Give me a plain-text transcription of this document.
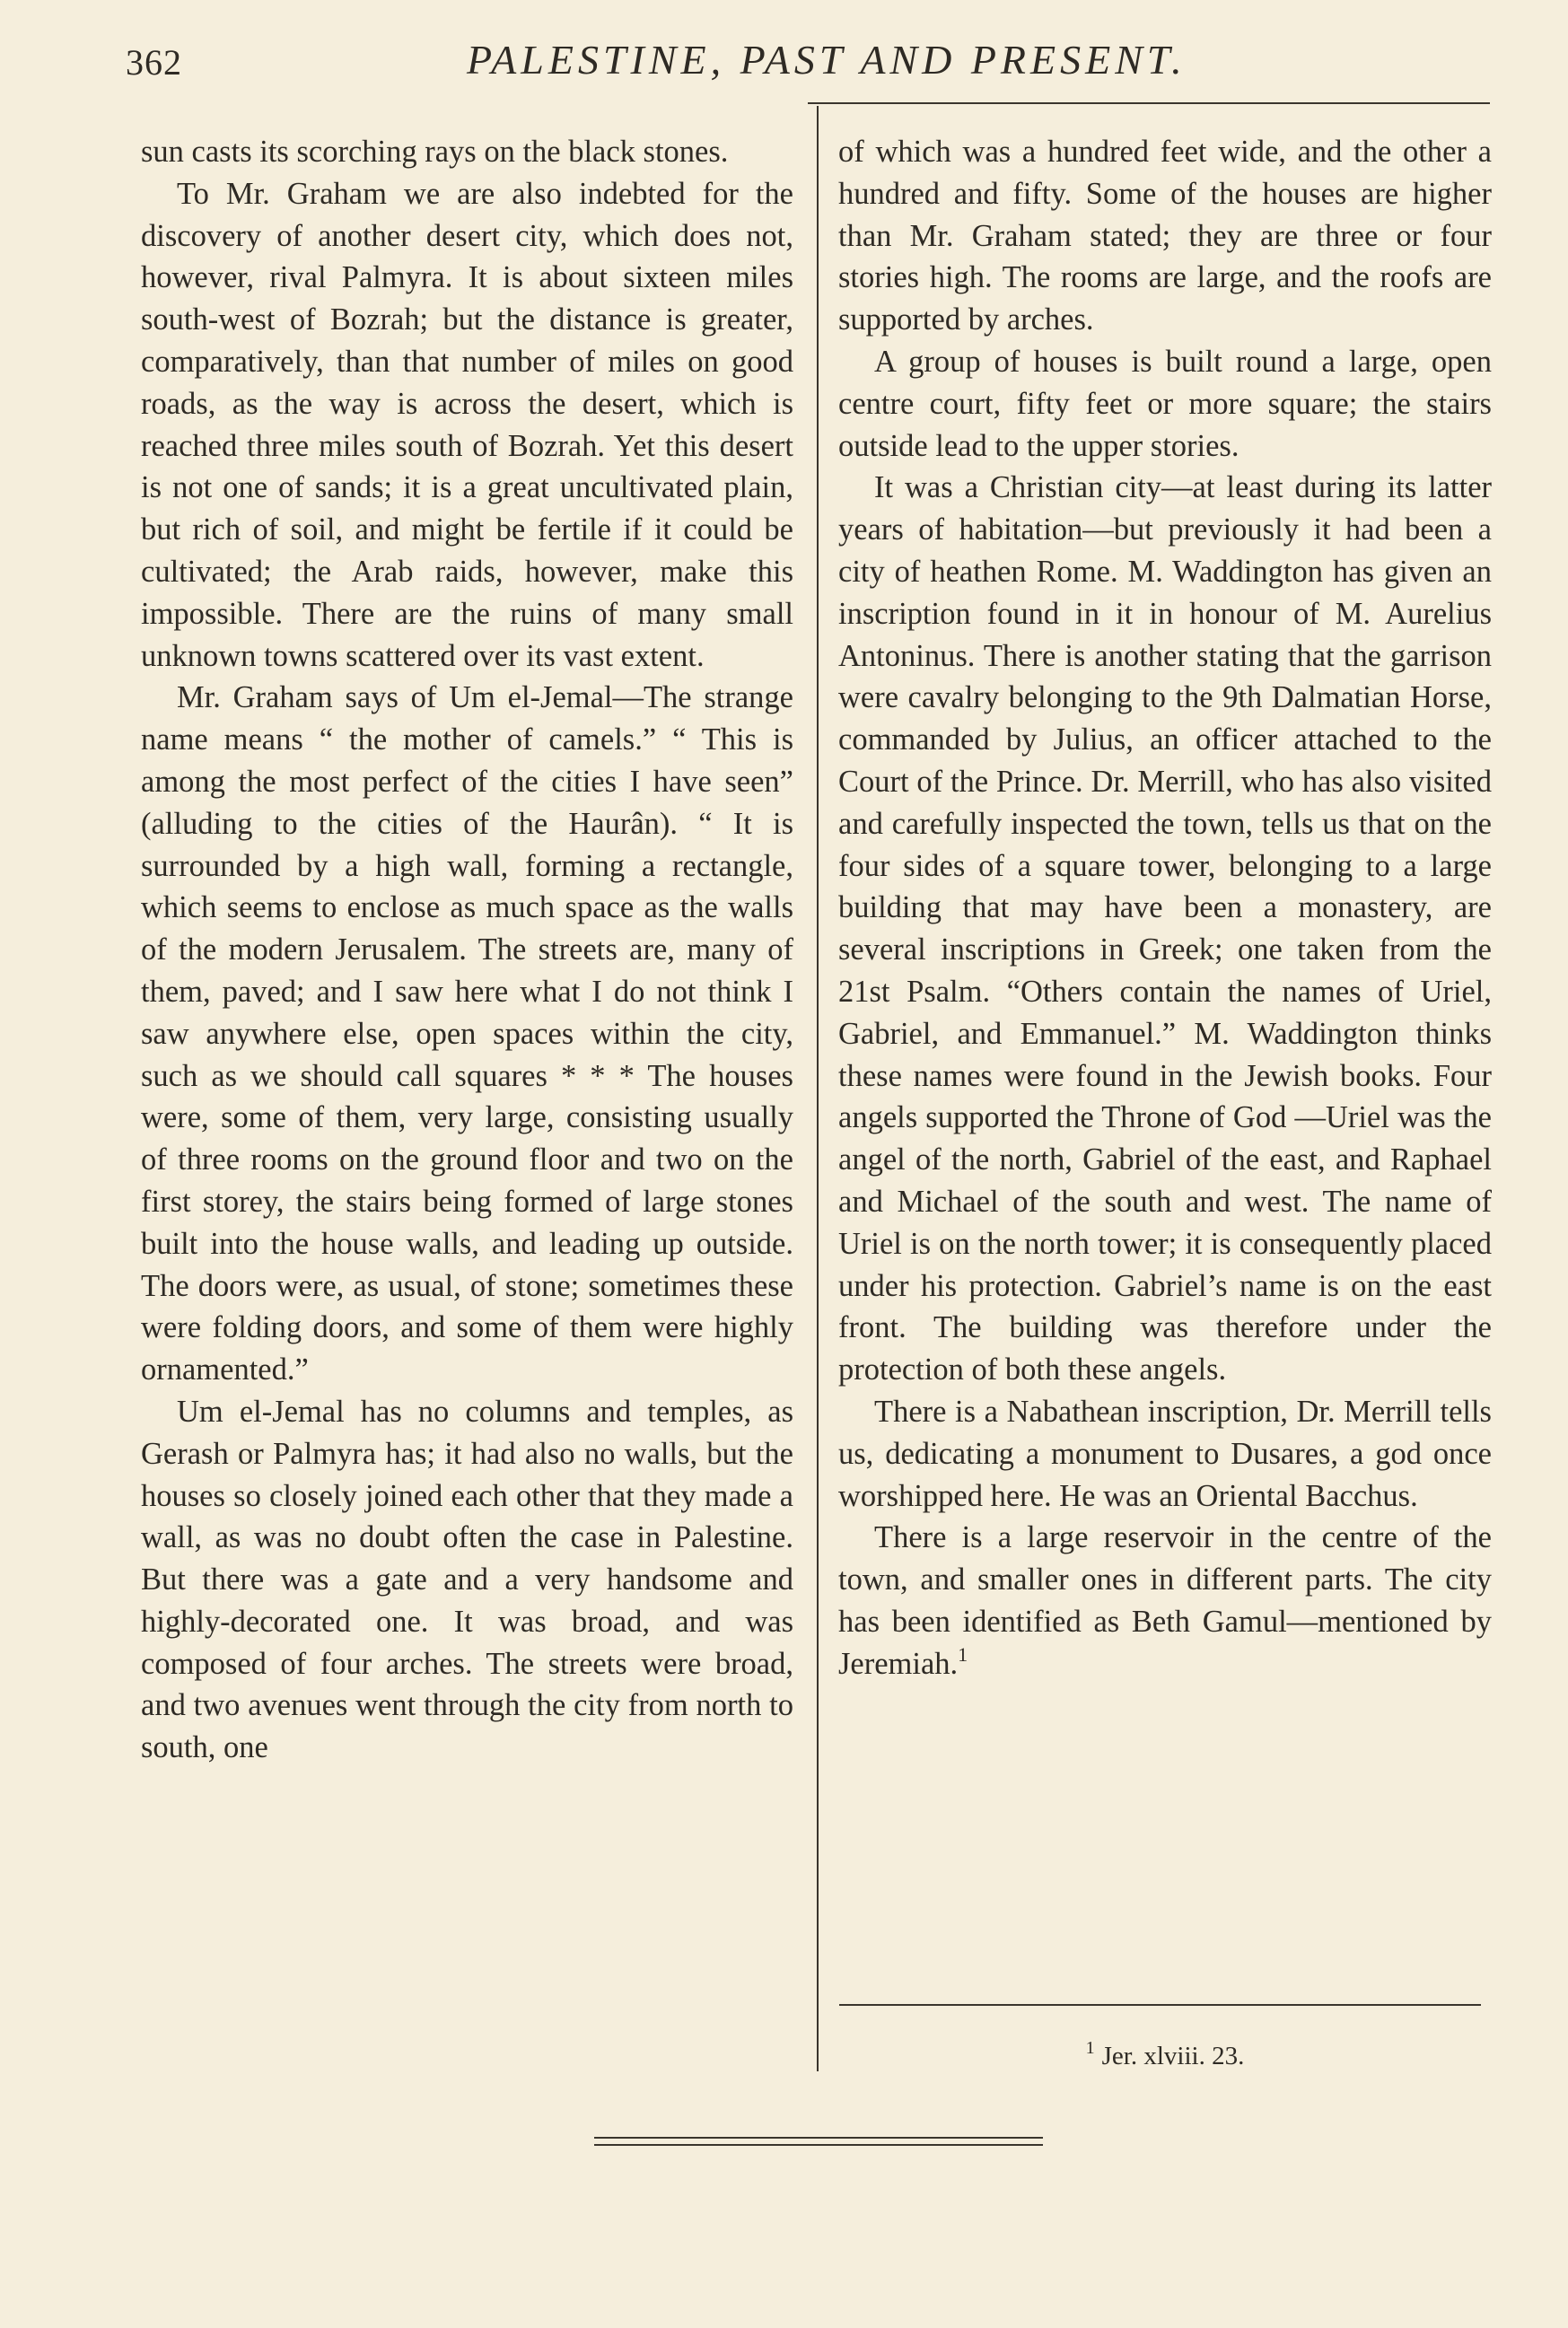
362	PALESTINE, PAST AND PRESENT.

sun casts its scorching rays on the black stones.

To Mr. Graham we are also indebted for the discovery of another desert city, which does not, however, rival Palmyra. It is about sixteen miles south-west of Bozrah; but the distance is greater, comparatively, than that number of miles on good roads, as the way is across the desert, which is reached three miles south of Bozrah. Yet this desert is not one of sands; it is a great uncultivated plain, but rich of soil, and might be fertile if it could be cultivated; the Arab raids, however, make this impossible. There are the ruins of many small unknown towns scattered over its vast extent.

Mr. Graham says of Um el-Jemal—The strange name means “ the mother of camels.” “ This is among the most perfect of the cities I have seen” (alluding to the cities of the Haurân). “ It is surrounded by a high wall, forming a rectangle, which seems to enclose as much space as the walls of the modern Jerusalem. The streets are, many of them, paved; and I saw here what I do not think I saw anywhere else, open spaces within the city, such as we should call squares * * * The houses were, some of them, very large, consisting usually of three rooms on the ground floor and two on the first storey, the stairs being formed of large stones built into the house walls, and leading up outside. The doors were, as usual, of stone; sometimes these were folding doors, and some of them were highly ornamented.”

Um el-Jemal has no columns and temples, as Gerash or Palmyra has; it had also no walls, but the houses so closely joined each other that they made a wall, as was no doubt often the case in Palestine. But there was a gate and a very handsome and highly-decorated one. It was broad, and was composed of four arches. The streets were broad, and two avenues went through the city from north to south, one

of which was a hundred feet wide, and the other a hundred and fifty. Some of the houses are higher than Mr. Graham stated; they are three or four stories high. The rooms are large, and the roofs are supported by arches.

A group of houses is built round a large, open centre court, fifty feet or more square; the stairs outside lead to the upper stories.

It was a Christian city—at least during its latter years of habitation—but previously it had been a city of heathen Rome. M. Waddington has given an inscription found in it in honour of M. Aurelius Antoninus. There is another stating that the garrison were cavalry belonging to the 9th Dalmatian Horse, commanded by Julius, an officer attached to the Court of the Prince. Dr. Merrill, who has also visited and carefully inspected the town, tells us that on the four sides of a square tower, belonging to a large building that may have been a monastery, are several inscriptions in Greek; one taken from the 21st Psalm. “Others contain the names of Uriel, Gabriel, and Emmanuel.” M. Waddington thinks these names were found in the Jewish books. Four angels supported the Throne of God —Uriel was the angel of the north, Gabriel of the east, and Raphael and Michael of the south and west. The name of Uriel is on the north tower; it is consequently placed under his protection. Gabriel’s name is on the east front. The building was therefore under the protection of both these angels.

There is a Nabathean inscription, Dr. Merrill tells us, dedicating a monument to Dusares, a god once worshipped here. He was an Oriental Bacchus.

There is a large reservoir in the centre of the town, and smaller ones in different parts. The city has been identified as Beth Gamul—mentioned by Jeremiah.$^1$

$^1$ Jer. xlviii. 23.
